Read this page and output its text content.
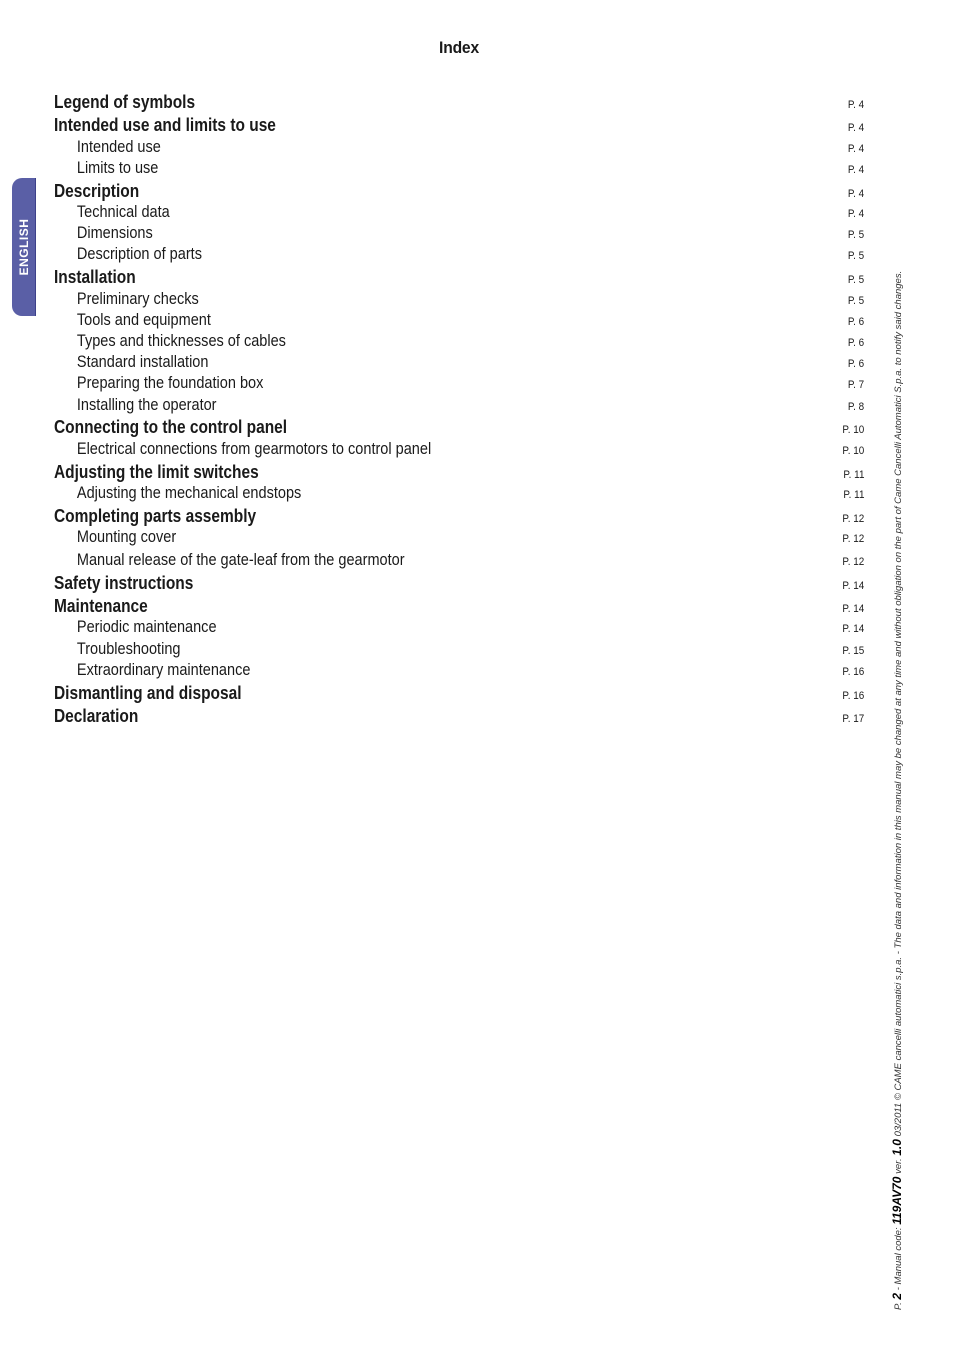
Index
ENGLISH
Legend of symbols	P. 4
Intended use and limits to use	P. 4
Intended use	P. 4
Limits to use	P. 4
Description	P. 4
Technical data	P. 4
Dimensions	P. 5
Description of parts	P. 5
Installation	P. 5
Preliminary checks	P. 5
Tools and equipment	P. 6
Types and thicknesses of cables	P. 6
Standard installation	P. 6
Preparing the foundation box	P. 7
Installing the operator	P. 8
Connecting to the control panel	P. 10
Electrical connections from gearmotors to control panel	P. 10
Adjusting the limit switches	P. 11
Adjusting the mechanical endstops	P. 11
Completing parts assembly	P. 12
Mounting cover	P. 12
Manual release of the gate-leaf from the gearmotor	P. 12
Safety instructions	P. 14
Maintenance	P. 14
Periodic maintenance	P. 14
Troubleshooting	P. 15
Extraordinary maintenance	P. 16
Dismantling and disposal	P. 16
Declaration	P. 17
P. 2 - Manual code: 119AV70 ver. 1.0 03/2011 © CAME cancelli automatici s.p.a. - The data and information in this manual may be changed at any time and without obligation on the part of Came Cancelli Automatici S.p.a. to notify said changes.
